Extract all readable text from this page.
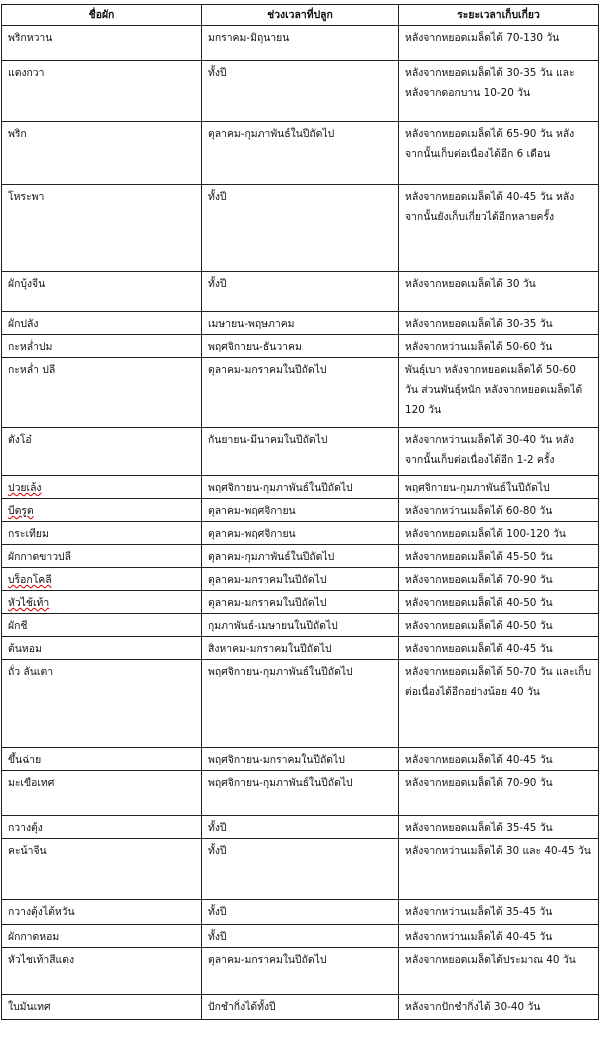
ชื่อผัก	ช่วงเวลาที่ปลูก	ระยะเวลาเก็บเกี่ยว
พริกหวาน	มกราคม-มิถุนายน	หลังจากหยอดเมล็ดได้ 70-130 วัน
แตงกวา	ทั้งปี	หลังจากหยอดเมล็ดได้ 30-35 วัน และหลังจากดอกบาน 10-20 วัน
พริก	ตุลาคม-กุมภาพันธ์ในปีถัดไป	หลังจากหยอดเมล็ดได้ 65-90 วัน หลังจากนั้นเก็บต่อเนื่องได้อีก 6 เดือน
โหระพา	ทั้งปี	หลังจากหยอดเมล็ดได้ 40-45 วัน หลังจากนั้นยังเก็บเกี่ยวได้อีกหลายครั้ง
ผักบุ้งจีน	ทั้งปี	หลังจากหยอดเมล็ดได้ 30 วัน
ผักปลัง	เมษายน-พฤษภาคม	หลังจากหยอดเมล็ดได้ 30-35 วัน
กะหล่ำปม	พฤศจิกายน-ธันวาคม	หลังจากหว่านเมล็ดได้ 50-60 วัน
กะหล่ำ ปลี	ตุลาคม-มกราคมในปีถัดไป	พันธุ์เบา หลังจากหยอดเมล็ดได้ 50-60 วัน ส่วนพันธุ์หนัก หลังจากหยอดเมล็ดได้ 120 วัน
ตังโอ๋	กันยายน-มีนาคมในปีถัดไป	หลังจากหว่านเมล็ดได้ 30-40 วัน หลังจากนั้นเก็บต่อเนื่องได้อีก 1-2 ครั้ง
ปวยเล้ง	พฤศจิกายน-กุมภาพันธ์ในปีถัดไป	พฤศจิกายน-กุมภาพันธ์ในปีถัดไป
บีตรูต	ตุลาคม-พฤศจิกายน	หลังจากหว่านเมล็ดได้ 60-80 วัน
กระเทียม	ตุลาคม-พฤศจิกายน	หลังจากหยอดเมล็ดได้ 100-120 วัน
ผักกาดขาวปลี	ตุลาคม-กุมภาพันธ์ในปีถัดไป	หลังจากหยอดเมล็ดได้ 45-50 วัน
บร็อกโคลี	ตุลาคม-มกราคมในปีถัดไป	หลังจากหยอดเมล็ดได้ 70-90 วัน
หัวไช้เท้า	ตุลาคม-มกราคมในปีถัดไป	หลังจากหยอดเมล็ดได้ 40-50 วัน
ผักชี	กุมภาพันธ์-เมษายนในปีถัดไป	หลังจากหยอดเมล็ดได้ 40-50 วัน
ต้นหอม	สิงหาคม-มกราคมในปีถัดไป	หลังจากหยอดเมล็ดได้ 40-45 วัน
ถั่ว ลันเตา	พฤศจิกายน-กุมภาพันธ์ในปีถัดไป	หลังจากหยอดเมล็ดได้ 50-70 วัน และเก็บต่อเนื่องได้อีกอย่างน้อย 40 วัน
ขึ้นฉ่าย	พฤศจิกายน-มกราคมในปีถัดไป	หลังจากหยอดเมล็ดได้ 40-45 วัน
มะเขือเทศ	พฤศจิกายน-กุมภาพันธ์ในปีถัดไป	หลังจากหยอดเมล็ดได้ 70-90 วัน
กวางตุ้ง	ทั้งปี	หลังจากหยอดเมล็ดได้ 35-45 วัน
คะน้าจีน	ทั้งปี	หลังจากหว่านเมล็ดได้ 30 และ 40-45 วัน
กวางตุ้งไต้หวัน	ทั้งปี	หลังจากหว่านเมล็ดได้ 35-45 วัน
ผักกาดหอม	ทั้งปี	หลังจากหว่านเมล็ดได้ 40-45 วัน
หัวไชเท้าสีแดง	ตุลาคม-มกราคมในปีถัดไป	หลังจากหยอดเมล็ดได้ประมาณ 40 วัน
ใบมันเทศ	ปักชำกิ่งได้ทั้งปี	หลังจากปักชำกิ่งได้ 30-40 วัน
